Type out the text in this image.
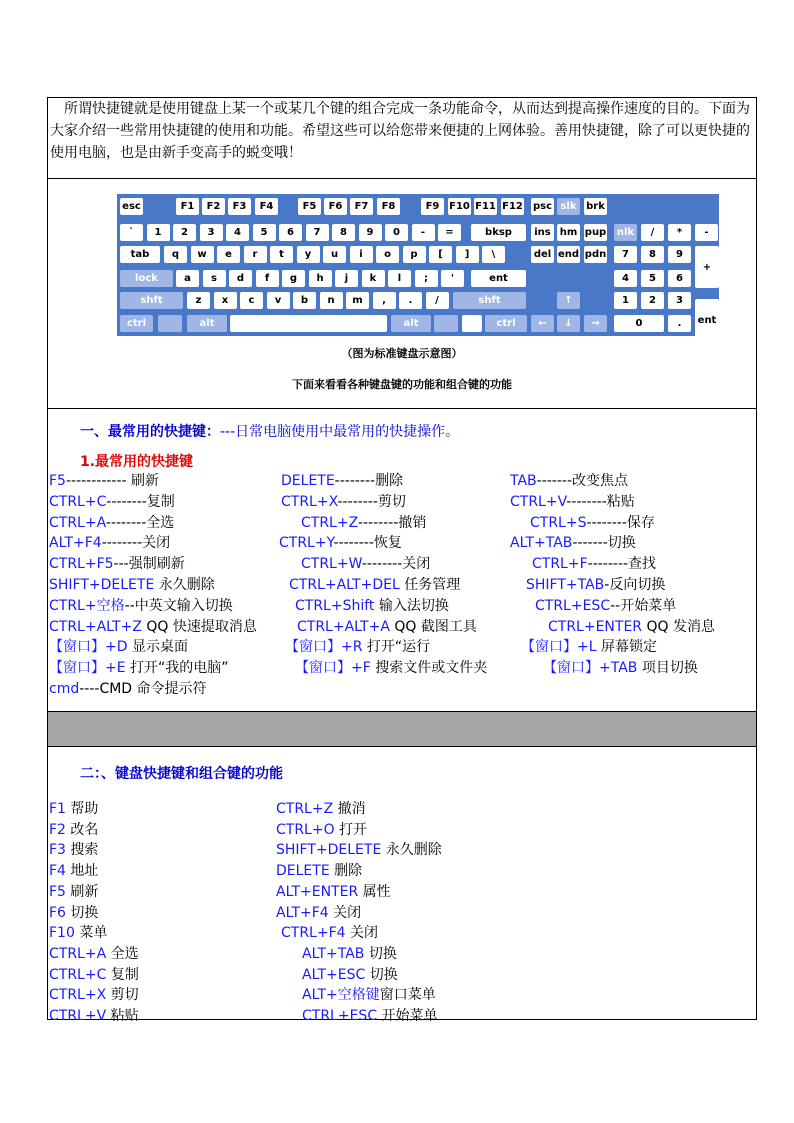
所谓快捷键就是使用键盘上某一个或某几个键的组合完成一条功能命令，从而达到提高操作速度的目的。下面为大家介绍一些常用快捷键的使用和功能。希望这些可以给您带来便捷的上网体验。善用快捷键，除了可以更快捷的使用电脑，也是由新手变高手的蜕变哦！

esc	F1	F2	F3	F4	F5	F6	F7	F8	F9 F10 F11 F12 psc slk brk
`	1	2	3	4	5	6	7	8	9	0	-	=	bksp	ins hm pup nlk	/	*	-
tab	q	w	e	r	t	y	u	i	o	p	[	]	\	del end pdn	7	8	9
+
lock	a	s	d	f	g	h	j	k	l	;	'	ent	4	5	6
shft	z	x	c	v	b	n	m	,	.	/	shft	↑	1	2	3
ent
ctrl	alt	alt	ctrl	←	↓	→	0	.
（图为标准键盘示意图）
下面来看看各种键盘键的功能和组合键的功能
一、最常用的快捷键：---日常电脑使用中最常用的快捷操作。
1.最常用的快捷键
F5------------ 刷新	DELETE--------删除	TAB-------改变焦点
CTRL+C--------复制	CTRL+X--------剪切	CTRL+V--------粘贴
CTRL+A--------全选	CTRL+Z--------撤销	CTRL+S--------保存
ALT+F4--------关闭	CTRL+Y--------恢复	ALT+TAB-------切换
CTRL+F5---强制刷新	CTRL+W--------关闭	CTRL+F--------查找
SHIFT+DELETE 永久删除	CTRL+ALT+DEL 任务管理	SHIFT+TAB-反向切换
CTRL+空格--中英文输入切换	CTRL+Shift 输入法切换	CTRL+ESC--开始菜单
CTRL+ALT+Z QQ 快速提取消息	CTRL+ALT+A QQ 截图工具	CTRL+ENTER QQ 发消息
【窗口】+D 显示桌面	【窗口】+R 打开“运行	【窗口】+L 屏幕锁定
【窗口】+E 打开“我的电脑”	【窗口】+F 搜索文件或文件夹	【窗口】+TAB 项目切换
cmd----CMD 命令提示符
二：、键盘快捷键和组合键的功能
F1 帮助	CTRL+Z 撤消
F2 改名	CTRL+O 打开
F3 搜索	SHIFT+DELETE 永久删除
F4 地址	DELETE 删除
F5 刷新	ALT+ENTER 属性
F6 切换	ALT+F4 关闭
F10 菜单	CTRL+F4 关闭
CTRL+A 全选	ALT+TAB 切换
CTRL+C 复制	ALT+ESC 切换
CTRL+X 剪切	ALT+空格键窗口菜单
CTRL+V 粘贴	CTRL+ESC 开始菜单
